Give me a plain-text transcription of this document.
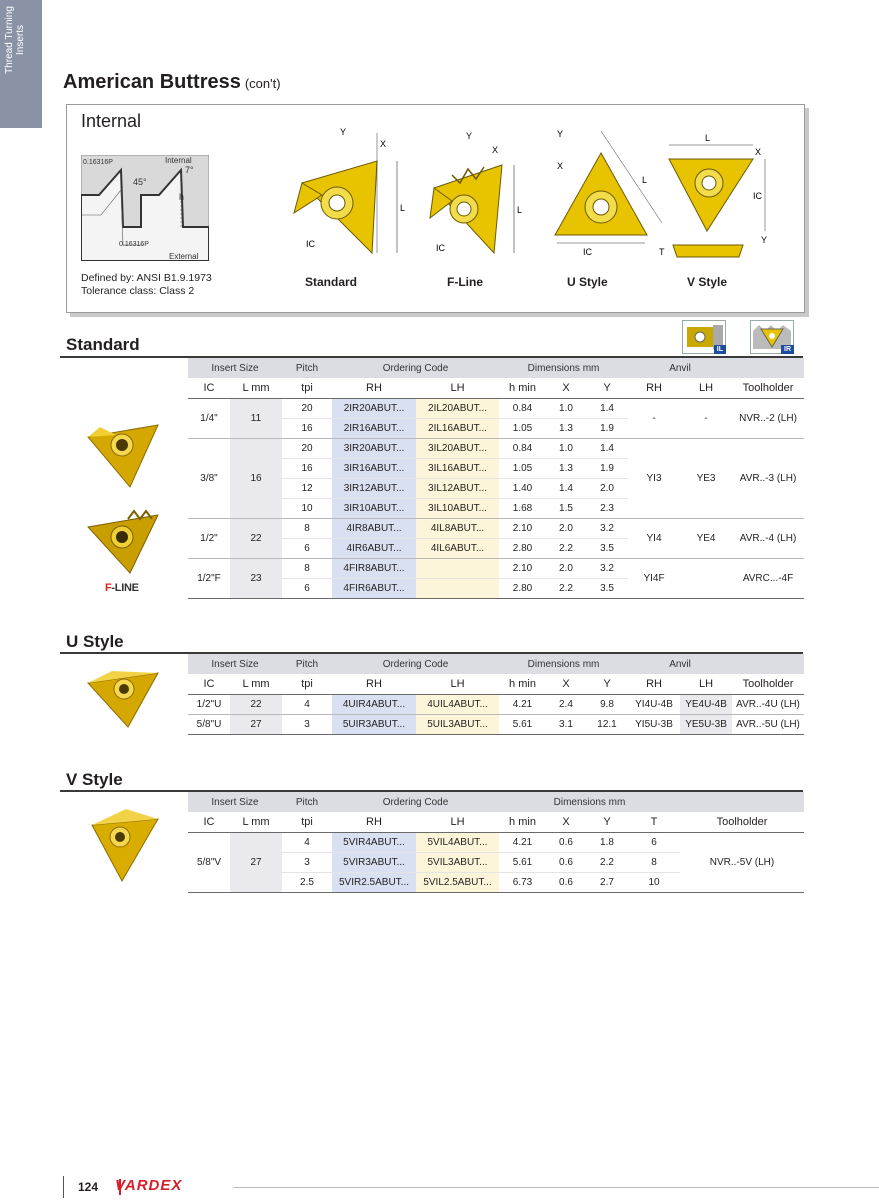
Thread Turning Inserts
American Buttress (con't)
Internal
0.16316P	Internal
7°
45°
h
0.16316P
External
Defined by: ANSI B1.9.1973
Tolerance class: Class 2
L
Y
X
IC
Standard
L
Y
X
IC
F-Line
L
Y
X
IC
U Style
L
X
IC
Y
T
V Style
IL	IR
Standard
F-LINE
Insert Size		Pitch	Ordering Code		Dimensions mm			Anvil		
IC	L mm	tpi	RH	LH	h min	X	Y	RH	LH	Toolholder
1/4"	11	20	2IR20ABUT...	2IL20ABUT...	0.84	1.0	1.4	-	-	NVR..-2 (LH)
		16	2IR16ABUT...	2IL16ABUT...	1.05	1.3	1.9			
3/8"	16	20	3IR20ABUT...	3IL20ABUT...	0.84	1.0	1.4	YI3	YE3	AVR..-3 (LH)
		16	3IR16ABUT...	3IL16ABUT...	1.05	1.3	1.9			
		12	3IR12ABUT...	3IL12ABUT...	1.40	1.4	2.0			
		10	3IR10ABUT...	3IL10ABUT...	1.68	1.5	2.3			
1/2"	22	8	4IR8ABUT...	4IL8ABUT...	2.10	2.0	3.2	YI4	YE4	AVR..-4 (LH)
		6	4IR6ABUT...	4IL6ABUT...	2.80	2.2	3.5			
1/2"F	23	8	4FIR8ABUT...		2.10	2.0	3.2	YI4F		AVRC...-4F
		6	4FIR6ABUT...		2.80	2.2	3.5			
U Style
Insert Size		Pitch	Ordering Code		Dimensions mm			Anvil		
IC	L mm	tpi	RH	LH	h min	X	Y	RH	LH	Toolholder
1/2"U	22	4	4UIR4ABUT...	4UIL4ABUT...	4.21	2.4	9.8	YI4U-4B	YE4U-4B	AVR..-4U (LH)
5/8"U	27	3	5UIR3ABUT...	5UIL3ABUT...	5.61	3.1	12.1	YI5U-3B	YE5U-3B	AVR..-5U (LH)
V Style
Insert Size		Pitch	Ordering Code		Dimensions mm				
IC	L mm	tpi	RH	LH	h min	X	Y	T	Toolholder
5/8"V	27	4	5VIR4ABUT...	5VIL4ABUT...	4.21	0.6	1.8	6	NVR..-5V (LH)
		3	5VIR3ABUT...	5VIL3ABUT...	5.61	0.6	2.2	8	
		2.5	5VIR2.5ABUT...	5VIL2.5ABUT...	6.73	0.6	2.7	10	
124 VARDEX
